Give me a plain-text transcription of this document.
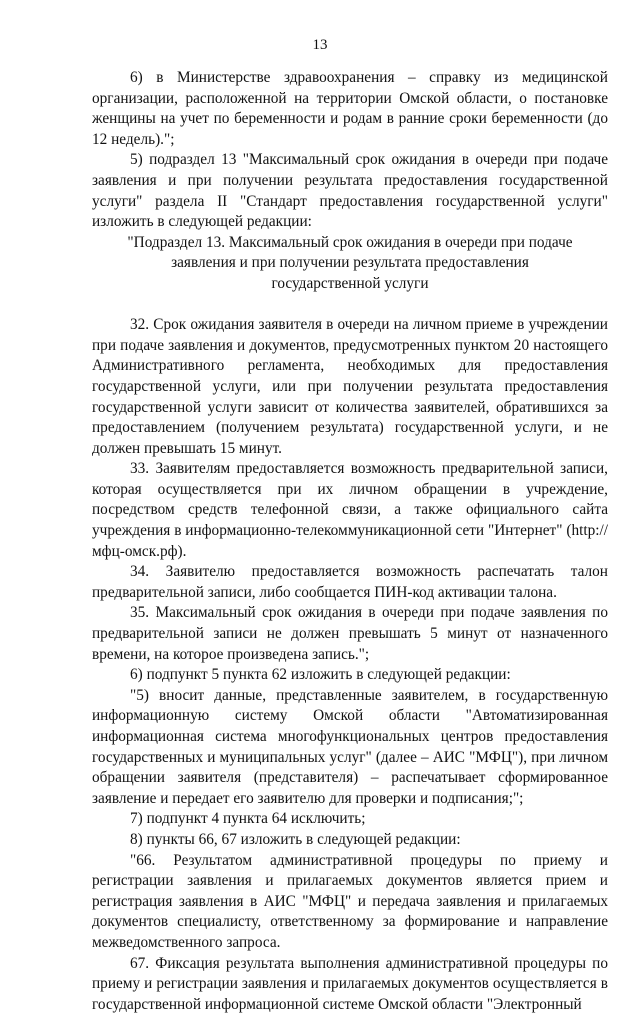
13

6) в Министерстве здравоохранения – справку из медицинской организации, расположенной на территории Омской области, о постановке женщины на учет по беременности и родам в ранние сроки беременности (до 12 недель).";

5) подраздел 13 "Максимальный срок ожидания в очереди при подаче заявления и при получении результата предоставления государственной услуги" раздела II "Стандарт предоставления государственной услуги" изложить в следующей редакции:

"Подраздел 13. Максимальный срок ожидания в очереди при подаче заявления и при получении результата предоставления государственной услуги

32. Срок ожидания заявителя в очереди на личном приеме в учреждении при подаче заявления и документов, предусмотренных пунктом 20 настоящего Административного регламента, необходимых для предоставления государственной услуги, или при получении результата предоставления государственной услуги зависит от количества заявителей, обратившихся за предоставлением (получением результата) государственной услуги, и не должен превышать 15 минут.

33. Заявителям предоставляется возможность предварительной записи, которая осуществляется при их личном обращении в учреждение, посредством средств телефонной связи, а также официального сайта учреждения в информационно-телекоммуникационной сети "Интернет" (http://мфц-омск.рф).

34. Заявителю предоставляется возможность распечатать талон предварительной записи, либо сообщается ПИН-код активации талона.

35. Максимальный срок ожидания в очереди при подаче заявления по предварительной записи не должен превышать 5 минут от назначенного времени, на которое произведена запись.";

6) подпункт 5 пункта 62 изложить в следующей редакции:

"5) вносит данные, представленные заявителем, в государственную информационную систему Омской области "Автоматизированная информационная система многофункциональных центров предоставления государственных и муниципальных услуг" (далее – АИС "МФЦ"), при личном обращении заявителя (представителя) – распечатывает сформированное заявление и передает его заявителю для проверки и подписания;";

7) подпункт 4 пункта 64 исключить;

8) пункты 66, 67 изложить в следующей редакции:

"66. Результатом административной процедуры по приему и регистрации заявления и прилагаемых документов является прием и регистрация заявления в АИС "МФЦ" и передача заявления и прилагаемых документов специалисту, ответственному за формирование и направление межведомственного запроса.

67. Фиксация результата выполнения административной процедуры по приему и регистрации заявления и прилагаемых документов осуществляется в государственной информационной системе Омской области "Электронный
